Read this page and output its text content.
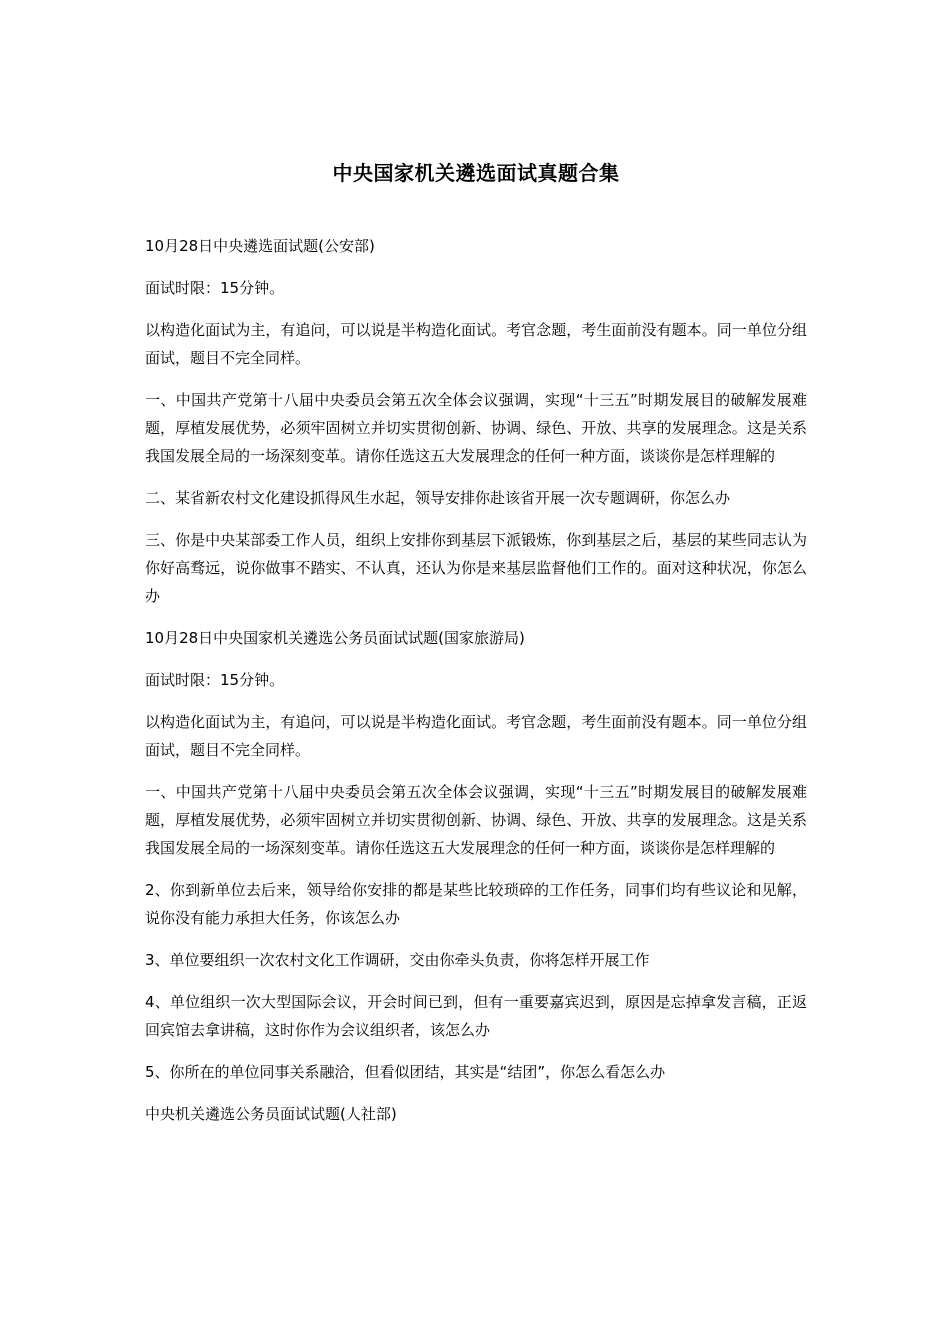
中央国家机关遴选面试真题合集

10月28日中央遴选面试题(公安部)

面试时限：15分钟。

以构造化面试为主，有追问，可以说是半构造化面试。考官念题，考生面前没有题本。同一单位分组面试，题目不完全同样。

一、中国共产党第十八届中央委员会第五次全体会议强调，实现“十三五”时期发展目的破解发展难题，厚植发展优势，必须牢固树立并切实贯彻创新、协调、绿色、开放、共享的发展理念。这是关系我国发展全局的一场深刻变革。请你任选这五大发展理念的任何一种方面，谈谈你是怎样理解的

二、某省新农村文化建设抓得风生水起，领导安排你赴该省开展一次专题调研，你怎么办

三、你是中央某部委工作人员，组织上安排你到基层下派锻炼，你到基层之后，基层的某些同志认为你好高骛远，说你做事不踏实、不认真，还认为你是来基层监督他们工作的。面对这种状况，你怎么办

10月28日中央国家机关遴选公务员面试试题(国家旅游局)

面试时限：15分钟。

以构造化面试为主，有追问，可以说是半构造化面试。考官念题，考生面前没有题本。同一单位分组面试，题目不完全同样。

一、中国共产党第十八届中央委员会第五次全体会议强调，实现“十三五”时期发展目的破解发展难题，厚植发展优势，必须牢固树立并切实贯彻创新、协调、绿色、开放、共享的发展理念。这是关系我国发展全局的一场深刻变革。请你任选这五大发展理念的任何一种方面，谈谈你是怎样理解的

2、你到新单位去后来，领导给你安排的都是某些比较琐碎的工作任务，同事们均有些议论和见解，说你没有能力承担大任务，你该怎么办

3、单位要组织一次农村文化工作调研，交由你牵头负责，你将怎样开展工作

4、单位组织一次大型国际会议，开会时间已到，但有一重要嘉宾迟到，原因是忘掉拿发言稿，正返回宾馆去拿讲稿，这时你作为会议组织者，该怎么办

5、你所在的单位同事关系融洽，但看似团结，其实是“结团”，你怎么看怎么办

中央机关遴选公务员面试试题(人社部)
